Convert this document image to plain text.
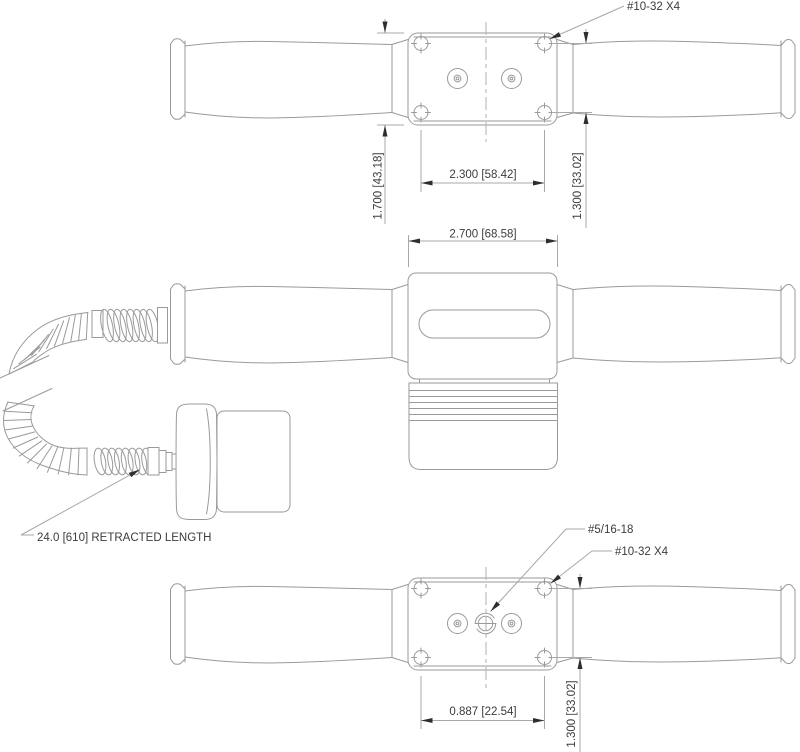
2.300 [58.42]
1.700 [43.18]	1.300 [33.02]
#10-32 X4
2.700 [68.58]
24.0 [610] RETRACTED LENGTH
0.887 [22.54]	1.300 [33.02]
#5/16-18
#10-32 X4
